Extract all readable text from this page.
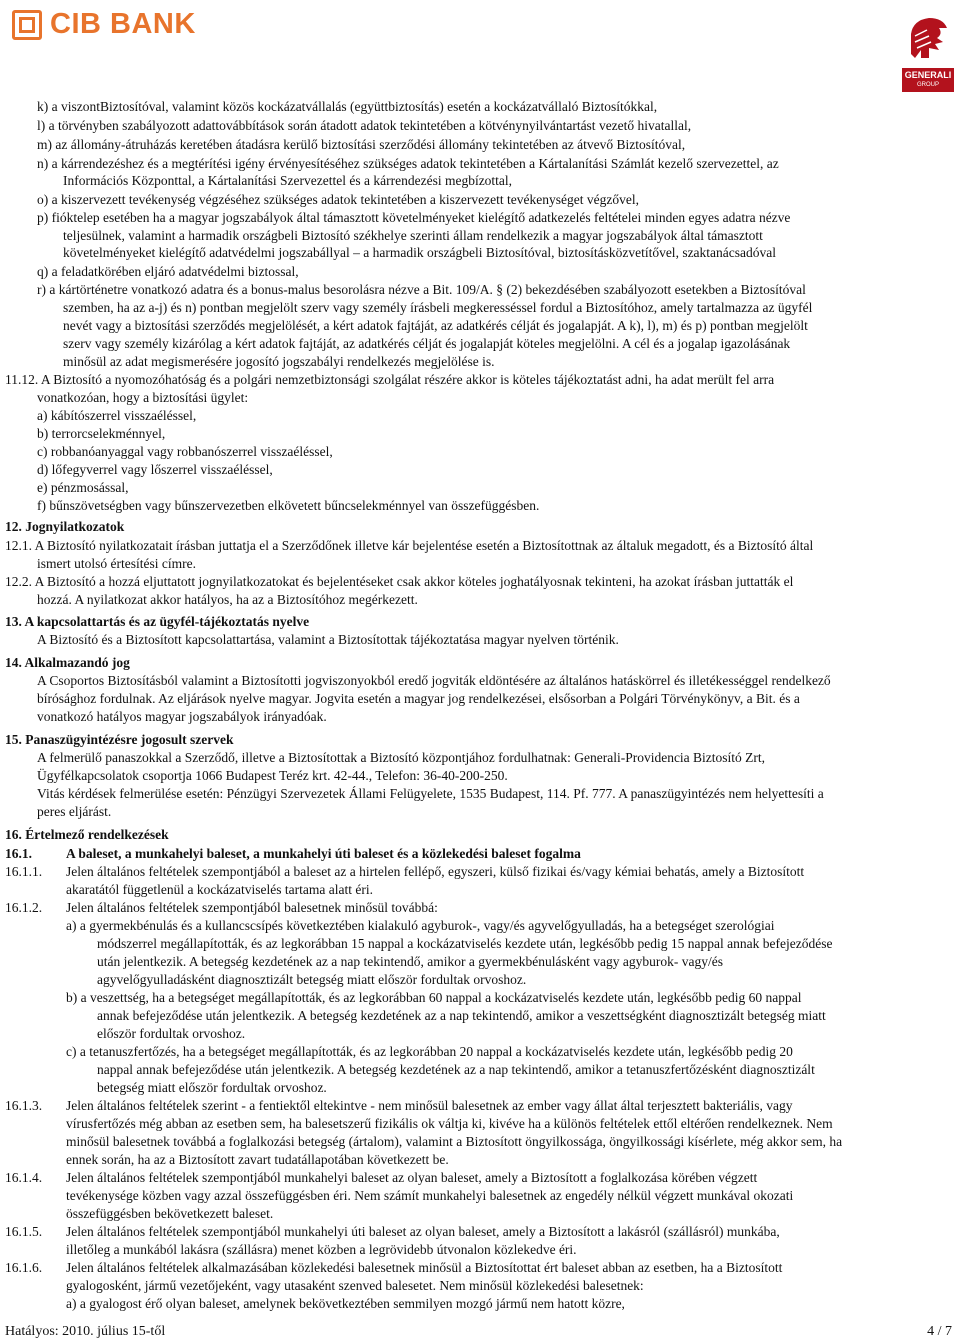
CIB BANK
GENERALI
GROUP
k) a viszontBiztosítóval, valamint közös kockázatvállalás (együttbiztosítás) esetén a kockázatvállaló Biztosítókkal,
l) a törvényben szabályozott adattovábbítások során átadott adatok tekintetében a kötvénynyilvántartást vezető hivatallal,
m) az állomány-átruházás keretében átadásra kerülő biztosítási szerződési állomány tekintetében az átvevő Biztosítóval,
n) a kárrendezéshez és a megtérítési igény érvényesítéséhez szükséges adatok tekintetében a Kártalanítási Számlát kezelő szervezettel, az
Információs Központtal, a Kártalanítási Szervezettel és a kárrendezési megbízottal,
o) a kiszervezett tevékenység végzéséhez szükséges adatok tekintetében a kiszervezett tevékenységet végzővel,
p) fióktelep esetében ha a magyar jogszabályok által támasztott követelményeket kielégítő adatkezelés feltételei minden egyes adatra nézve
teljesülnek, valamint a harmadik országbeli Biztosító székhelye szerinti állam rendelkezik a magyar jogszabályok által támasztott
követelményeket kielégítő adatvédelmi jogszabállyal – a harmadik országbeli Biztosítóval, biztosításközvetítővel, szaktanácsadóval
q) a feladatkörében eljáró adatvédelmi biztossal,
r) a kártörténetre vonatkozó adatra és a bonus-malus besorolásra nézve a Bit. 109/A. § (2) bekezdésében szabályozott esetekben a Biztosítóval
szemben, ha az a-j) és n) pontban megjelölt szerv vagy személy írásbeli megkeresséssel fordul a Biztosítóhoz, amely tartalmazza az ügyfél
nevét vagy a biztosítási szerződés megjelölését, a kért adatok fajtáját, az adatkérés célját és jogalapját. A k), l), m) és p) pontban megjelölt
szerv vagy személy kizárólag a kért adatok fajtáját, az adatkérés célját és jogalapját köteles megjelölni. A cél és a jogalap igazolásának
minősül az adat megismerésére jogosító jogszabályi rendelkezés megjelölése is.
11.12. A Biztosító a nyomozóhatóság és a polgári nemzetbiztonsági szolgálat részére akkor is köteles tájékoztatást adni, ha adat merült fel arra
vonatkozóan, hogy a biztosítási ügylet:
a) kábítószerrel visszaéléssel,
b) terrorcselekménnyel,
c) robbanóanyaggal vagy robbanószerrel visszaéléssel,
d) lőfegyverrel vagy lőszerrel visszaéléssel,
e) pénzmosással,
f) bűnszövetségben vagy bűnszervezetben elkövetett bűncselekménnyel van összefüggésben.
12. Jognyilatkozatok
12.1. A Biztosító nyilatkozatait írásban juttatja el a Szerződőnek illetve kár bejelentése esetén a Biztosítottnak az általuk megadott, és a Biztosító által
ismert utolsó értesítési címre.
12.2. A Biztosító a hozzá eljuttatott jognyilatkozatokat és bejelentéseket csak akkor köteles joghatályosnak tekinteni, ha azokat írásban juttatták el
hozzá. A nyilatkozat akkor hatályos, ha az a Biztosítóhoz megérkezett.
13. A kapcsolattartás és az ügyfél-tájékoztatás nyelve
A Biztosító és a Biztosított kapcsolattartása, valamint a Biztosítottak tájékoztatása magyar nyelven történik.
14. Alkalmazandó jog
A Csoportos Biztosításból valamint a Biztosítotti jogviszonyokból eredő jogviták eldöntésére az általános hatáskörrel és illetékességgel rendelkező
bírósághoz fordulnak. Az eljárások nyelve magyar. Jogvita esetén a magyar jog rendelkezései, elsősorban a Polgári Törvénykönyv, a Bit. és a
vonatkozó hatályos magyar jogszabályok irányadóak.
15. Panaszügyintézésre jogosult szervek
A felmerülő panaszokkal a Szerződő, illetve a Biztosítottak a Biztosító központjához fordulhatnak: Generali-Providencia Biztosító Zrt,
Ügyfélkapcsolatok csoportja 1066 Budapest Teréz krt. 42-44., Telefon: 36-40-200-250.
Vitás kérdések felmerülése esetén: Pénzügyi Szervezetek Állami Felügyelete, 1535 Budapest, 114. Pf. 777. A panaszügyintézés nem helyettesíti a
peres eljárást.
16. Értelmező rendelkezések
16.1.	A baleset, a munkahelyi baleset, a munkahelyi úti baleset és a közlekedési baleset fogalma
16.1.1. Jelen általános feltételek szempontjából a baleset az a hirtelen fellépő, egyszeri, külső fizikai és/vagy kémiai behatás, amely a Biztosított
akaratától függetlenül a kockázatviselés tartama alatt éri.
16.1.2. Jelen általános feltételek szempontjából balesetnek minősül továbbá:
a) a gyermekbénulás és a kullancscsípés következtében kialakuló agyburok-, vagy/és agyvelőgyulladás, ha a betegséget szerológiai
módszerrel megállapították, és az legkorábban 15 nappal a kockázatviselés kezdete után, legkésőbb pedig 15 nappal annak befejeződése
után jelentkezik. A betegség kezdetének az a nap tekintendő, amikor a gyermekbénulásként vagy agyburok- vagy/és
agyvelőgyulladásként diagnosztizált betegség miatt először fordultak orvoshoz.
b) a veszettség, ha a betegséget megállapították, és az legkorábban 60 nappal a kockázatviselés kezdete után, legkésőbb pedig 60 nappal
annak befejeződése után jelentkezik. A betegség kezdetének az a nap tekintendő, amikor a veszettségként diagnosztizált betegség miatt
először fordultak orvoshoz.
c) a tetanuszfertőzés, ha a betegséget megállapították, és az legkorábban 20 nappal a kockázatviselés kezdete után, legkésőbb pedig 20
nappal annak befejeződése után jelentkezik. A betegség kezdetének az a nap tekintendő, amikor a tetanuszfertőzésként diagnosztizált
betegség miatt először fordultak orvoshoz.
16.1.3. Jelen általános feltételek szerint - a fentiektől eltekintve - nem minősül balesetnek az ember vagy állat által terjesztett bakteriális, vagy
vírusfertőzés még abban az esetben sem, ha balesetszerű fizikális ok váltja ki, kivéve ha a különös feltételek ettől eltérően rendelkeznek. Nem
minősül balesetnek továbbá a foglalkozási betegség (ártalom), valamint a Biztosított öngyilkossága, öngyilkossági kísérlete, még akkor sem, ha
ennek során, ha az a Biztosított zavart tudatállapotában következett be.
16.1.4. Jelen általános feltételek szempontjából munkahelyi baleset az olyan baleset, amely a Biztosított a foglalkozása körében végzett
tevékenysége közben vagy azzal összefüggésben éri. Nem számít munkahelyi balesetnek az engedély nélkül végzett munkával okozati
összefüggésben bekövetkezett baleset.
16.1.5. Jelen általános feltételek szempontjából munkahelyi úti baleset az olyan baleset, amely a Biztosított a lakásról (szállásról) munkába,
illetőleg a munkából lakásra (szállásra) menet közben a legrövidebb útvonalon közlekedve éri.
16.1.6. Jelen általános feltételek alkalmazásában közlekedési balesetnek minősül a Biztosítottat ért baleset abban az esetben, ha a Biztosított
gyalogosként, jármű vezetőjeként, vagy utasaként szenved balesetet. Nem minősül közlekedési balesetnek:
a) a gyalogost érő olyan baleset, amelynek bekövetkeztében semmilyen mozgó jármű nem hatott közre,
Hatályos: 2010. július 15-től	4 / 7
